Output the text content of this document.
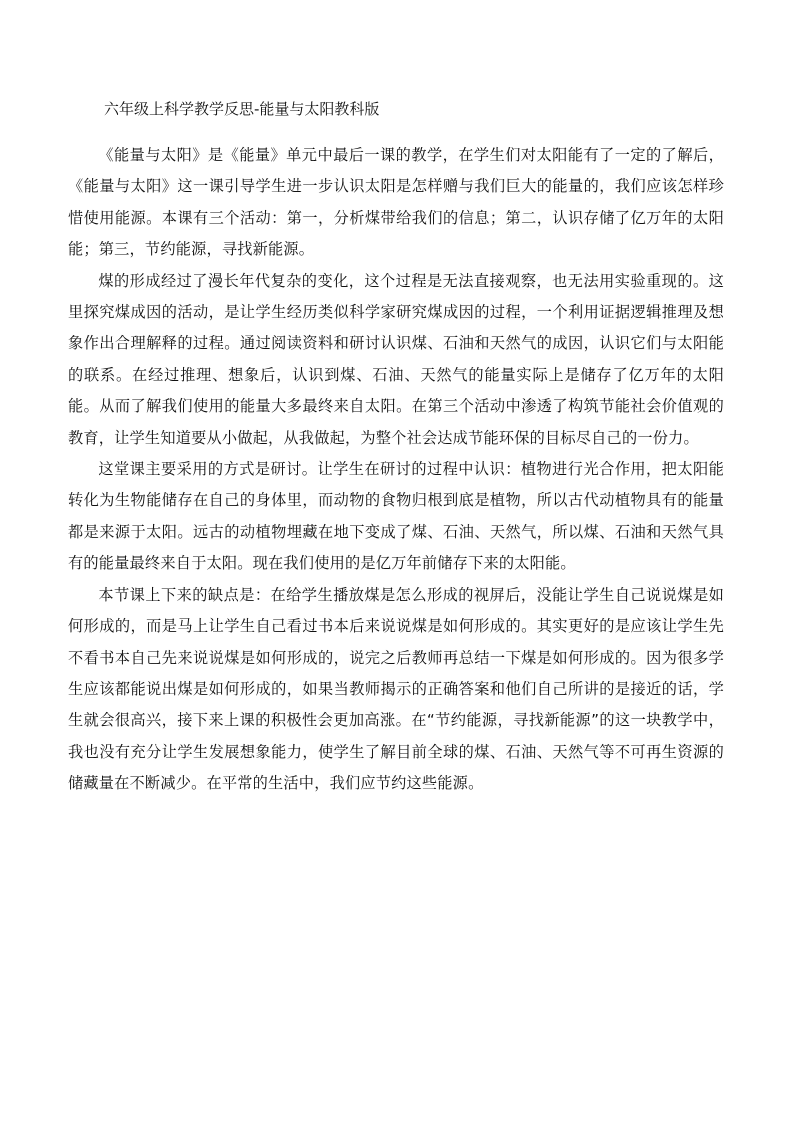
六年级上科学教学反思-能量与太阳教科版

《能量与太阳》是《能量》单元中最后一课的教学，在学生们对太阳能有了一定的了解后，《能量与太阳》这一课引导学生进一步认识太阳是怎样赠与我们巨大的能量的，我们应该怎样珍惜使用能源。本课有三个活动：第一，分析煤带给我们的信息；第二，认识存储了亿万年的太阳能；第三，节约能源，寻找新能源。

煤的形成经过了漫长年代复杂的变化，这个过程是无法直接观察，也无法用实验重现的。这里探究煤成因的活动，是让学生经历类似科学家研究煤成因的过程，一个利用证据逻辑推理及想象作出合理解释的过程。通过阅读资料和研讨认识煤、石油和天然气的成因，认识它们与太阳能的联系。在经过推理、想象后，认识到煤、石油、天然气的能量实际上是储存了亿万年的太阳能。从而了解我们使用的能量大多最终来自太阳。在第三个活动中渗透了构筑节能社会价值观的教育，让学生知道要从小做起，从我做起，为整个社会达成节能环保的目标尽自己的一份力。

这堂课主要采用的方式是研讨。让学生在研讨的过程中认识：植物进行光合作用，把太阳能转化为生物能储存在自己的身体里，而动物的食物归根到底是植物，所以古代动植物具有的能量都是来源于太阳。远古的动植物埋藏在地下变成了煤、石油、天然气，所以煤、石油和天然气具有的能量最终来自于太阳。现在我们使用的是亿万年前储存下来的太阳能。

本节课上下来的缺点是：在给学生播放煤是怎么形成的视屏后，没能让学生自己说说煤是如何形成的，而是马上让学生自己看过书本后来说说煤是如何形成的。其实更好的是应该让学生先不看书本自己先来说说煤是如何形成的，说完之后教师再总结一下煤是如何形成的。因为很多学生应该都能说出煤是如何形成的，如果当教师揭示的正确答案和他们自己所讲的是接近的话，学生就会很高兴，接下来上课的积极性会更加高涨。在“节约能源，寻找新能源”的这一块教学中，我也没有充分让学生发展想象能力，使学生了解目前全球的煤、石油、天然气等不可再生资源的储藏量在不断减少。在平常的生活中，我们应节约这些能源。
